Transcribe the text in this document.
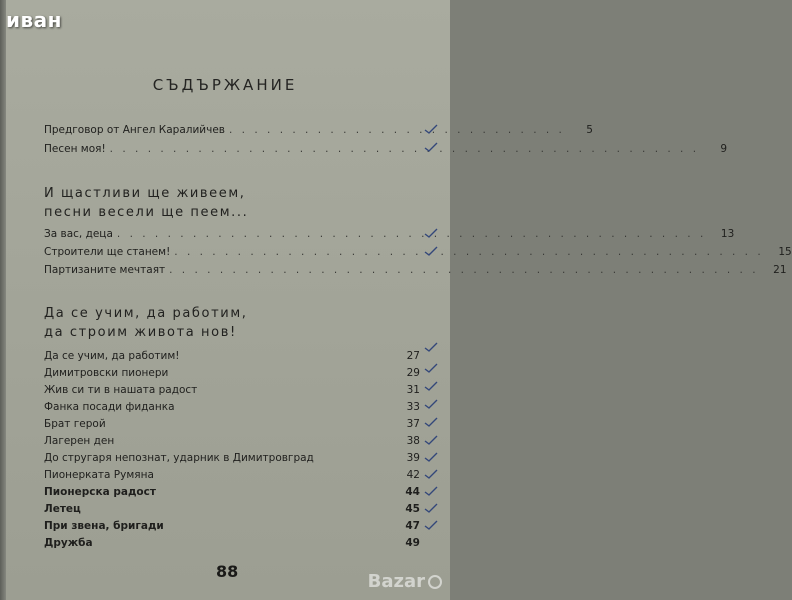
иван
СЪДЪРЖАНИЕ
Предговор от Ангел Каралийчев . . . . . . . . . . . . . . . . . . . . . . . . . . .	5
Песен моя! . . . . . . . . . . . . . . . . . . . . . . . . . . . . . . . . . . . . . . . . . . . . . . .	9
И щастливи ще живеем,
песни весели ще пеем...
За вас, деца . . . . . . . . . . . . . . . . . . . . . . . . . . . . . . . . . . . . . . . . . . . . . . .	13
Строители ще станем! . . . . . . . . . . . . . . . . . . . . . . . . . . . . . . . . . . . . . . . . . . . . . . .	15
Партизаните мечтаят . . . . . . . . . . . . . . . . . . . . . . . . . . . . . . . . . . . . . . . . . . . . . . .	21
Да се учим, да работим,
да строим живота нов!
Да се учим, да работим!	27
Димитровски пионери	29
Жив си ти в нашата радост	31
Фанка посади фиданка	33
Брат герой	37
Лагерен ден	38
До стругаря непознат, ударник в Димитровград	39
Пионерката Румяна	42
Пионерска радост	44
Летец	45
При звена, бригади	47
Дружба	49
88	Bazar
